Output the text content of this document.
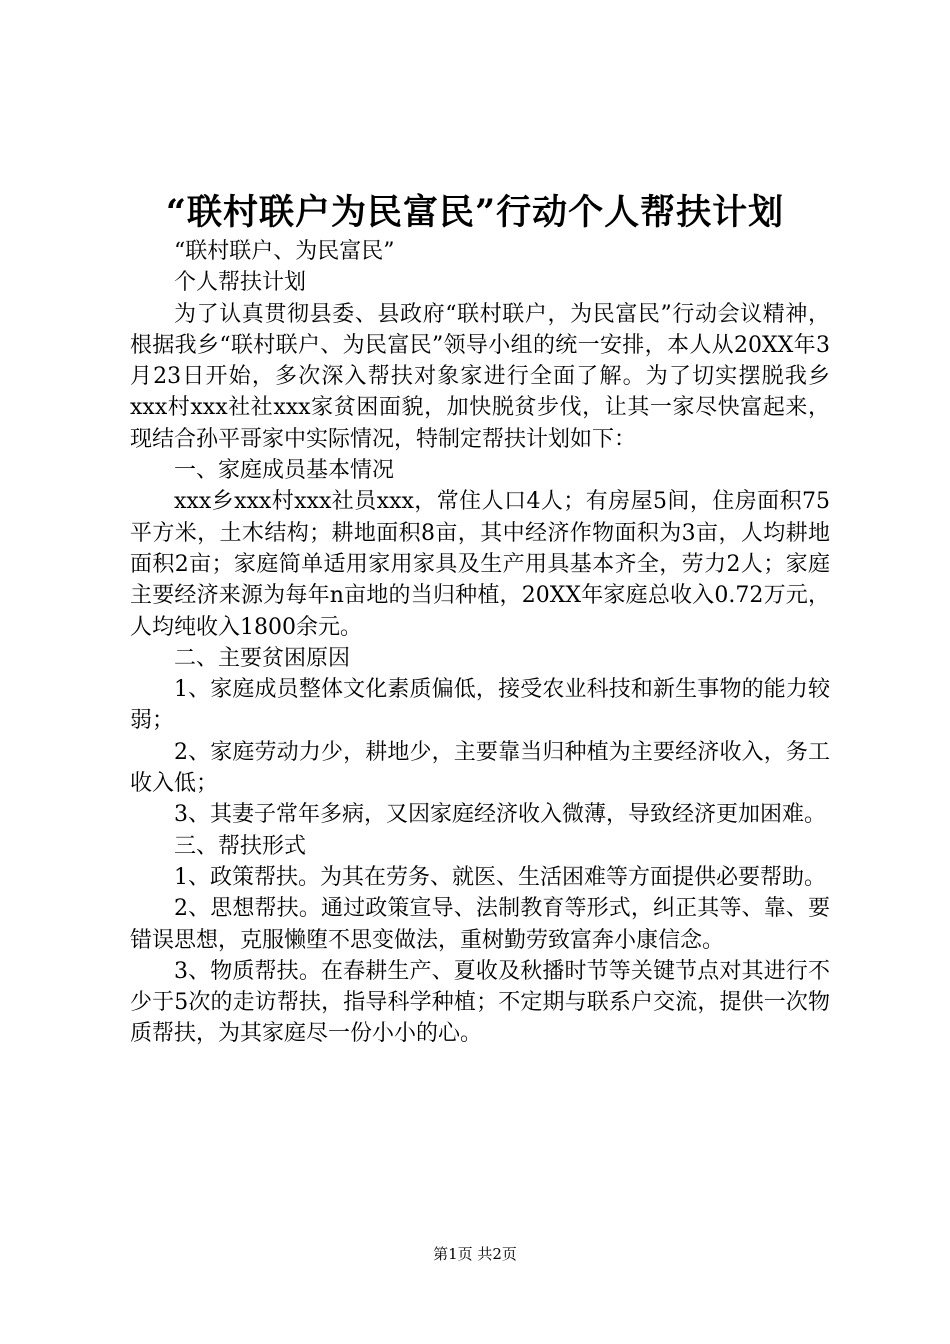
“联村联户为民富民”行动个人帮扶计划

“联村联户、为民富民”

个人帮扶计划

为了认真贯彻县委、县政府“联村联户，为民富民”行动会议精神，根据我乡“联村联户、为民富民”领导小组的统一安排，本人从20XX年3月23日开始，多次深入帮扶对象家进行全面了解。为了切实摆脱我乡xxx村xxx社社xxx家贫困面貌，加快脱贫步伐，让其一家尽快富起来，现结合孙平哥家中实际情况，特制定帮扶计划如下：

一、家庭成员基本情况

xxx乡xxx村xxx社员xxx，常住人口4人；有房屋5间，住房面积75平方米，土木结构；耕地面积8亩，其中经济作物面积为3亩，人均耕地面积2亩；家庭简单适用家用家具及生产用具基本齐全，劳力2人；家庭主要经济来源为每年n亩地的当归种植，20XX年家庭总收入0.72万元，人均纯收入1800余元。

二、主要贫困原因

1、家庭成员整体文化素质偏低，接受农业科技和新生事物的能力较弱；

2、家庭劳动力少，耕地少，主要靠当归种植为主要经济收入，务工收入低；

3、其妻子常年多病，又因家庭经济收入微薄，导致经济更加困难。

三、帮扶形式

1、政策帮扶。为其在劳务、就医、生活困难等方面提供必要帮助。

2、思想帮扶。通过政策宣导、法制教育等形式，纠正其等、靠、要错误思想，克服懒堕不思变做法，重树勤劳致富奔小康信念。

3、物质帮扶。在春耕生产、夏收及秋播时节等关键节点对其进行不少于5次的走访帮扶，指导科学种植；不定期与联系户交流，提供一次物质帮扶，为其家庭尽一份小小的心。

第1页 共2页
